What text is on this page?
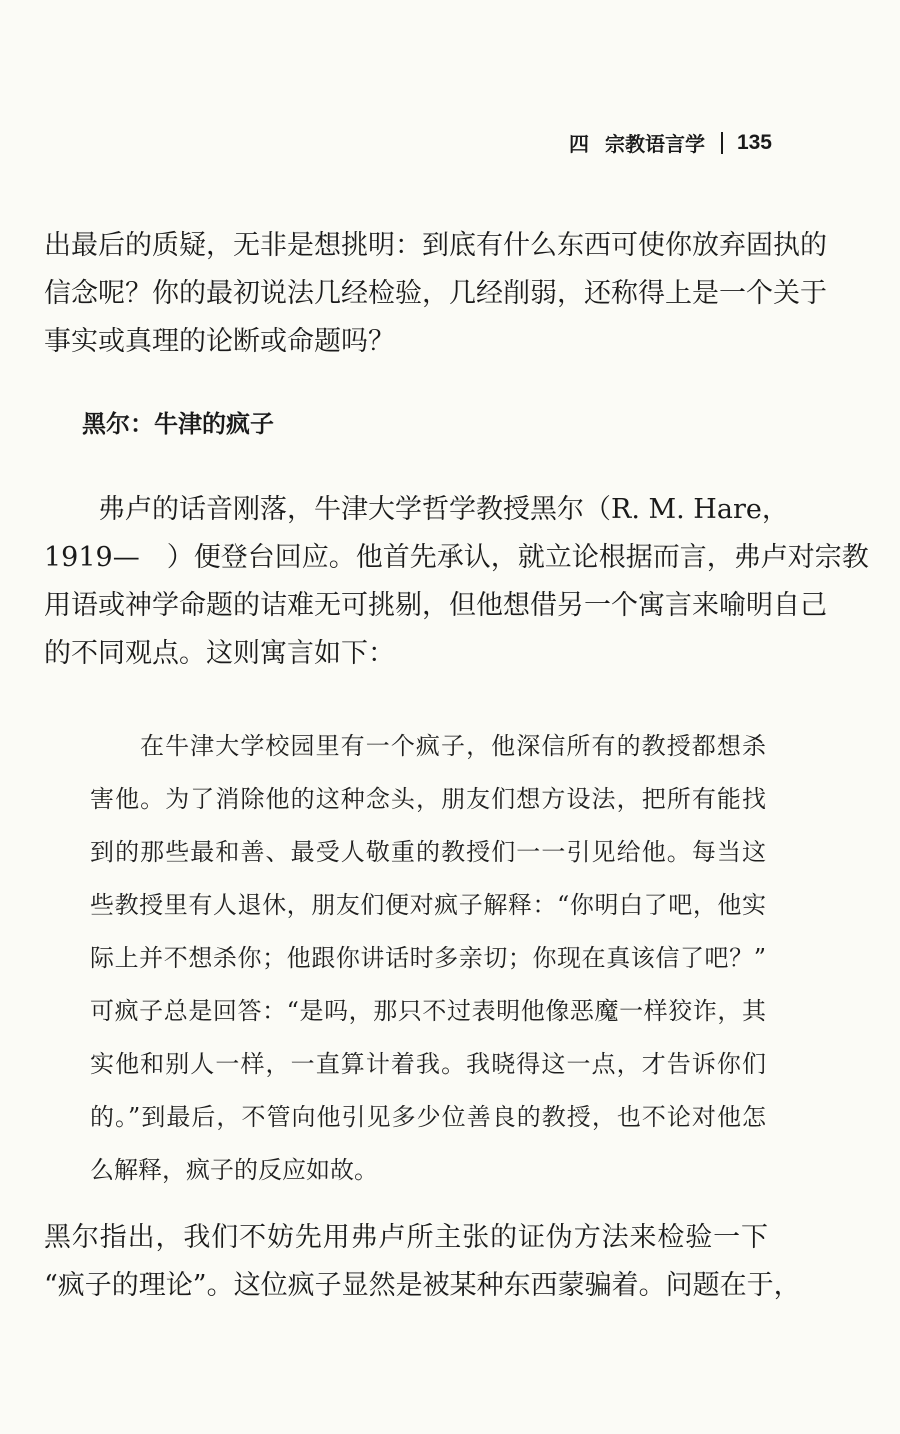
四 宗教语言学 135
出最后的质疑，无非是想挑明：到底有什么东西可使你放弃固执的
信念呢？你的最初说法几经检验，几经削弱，还称得上是一个关于
事实或真理的论断或命题吗？
黑尔：牛津的疯子
弗卢的话音刚落，牛津大学哲学教授黑尔（R. M. Hare，
1919—　）便登台回应。他首先承认，就立论根据而言，弗卢对宗教
用语或神学命题的诘难无可挑剔，但他想借另一个寓言来喻明自己
的不同观点。这则寓言如下：
在牛津大学校园里有一个疯子，他深信所有的教授都想杀
害他。为了消除他的这种念头，朋友们想方设法，把所有能找
到的那些最和善、最受人敬重的教授们一一引见给他。每当这
些教授里有人退休，朋友们便对疯子解释：“你明白了吧，他实
际上并不想杀你；他跟你讲话时多亲切；你现在真该信了吧？”
可疯子总是回答：“是吗，那只不过表明他像恶魔一样狡诈，其
实他和别人一样，一直算计着我。我晓得这一点，才告诉你们
的。”到最后，不管向他引见多少位善良的教授，也不论对他怎
么解释，疯子的反应如故。
黑尔指出，我们不妨先用弗卢所主张的证伪方法来检验一下
“疯子的理论”。这位疯子显然是被某种东西蒙骗着。问题在于，
